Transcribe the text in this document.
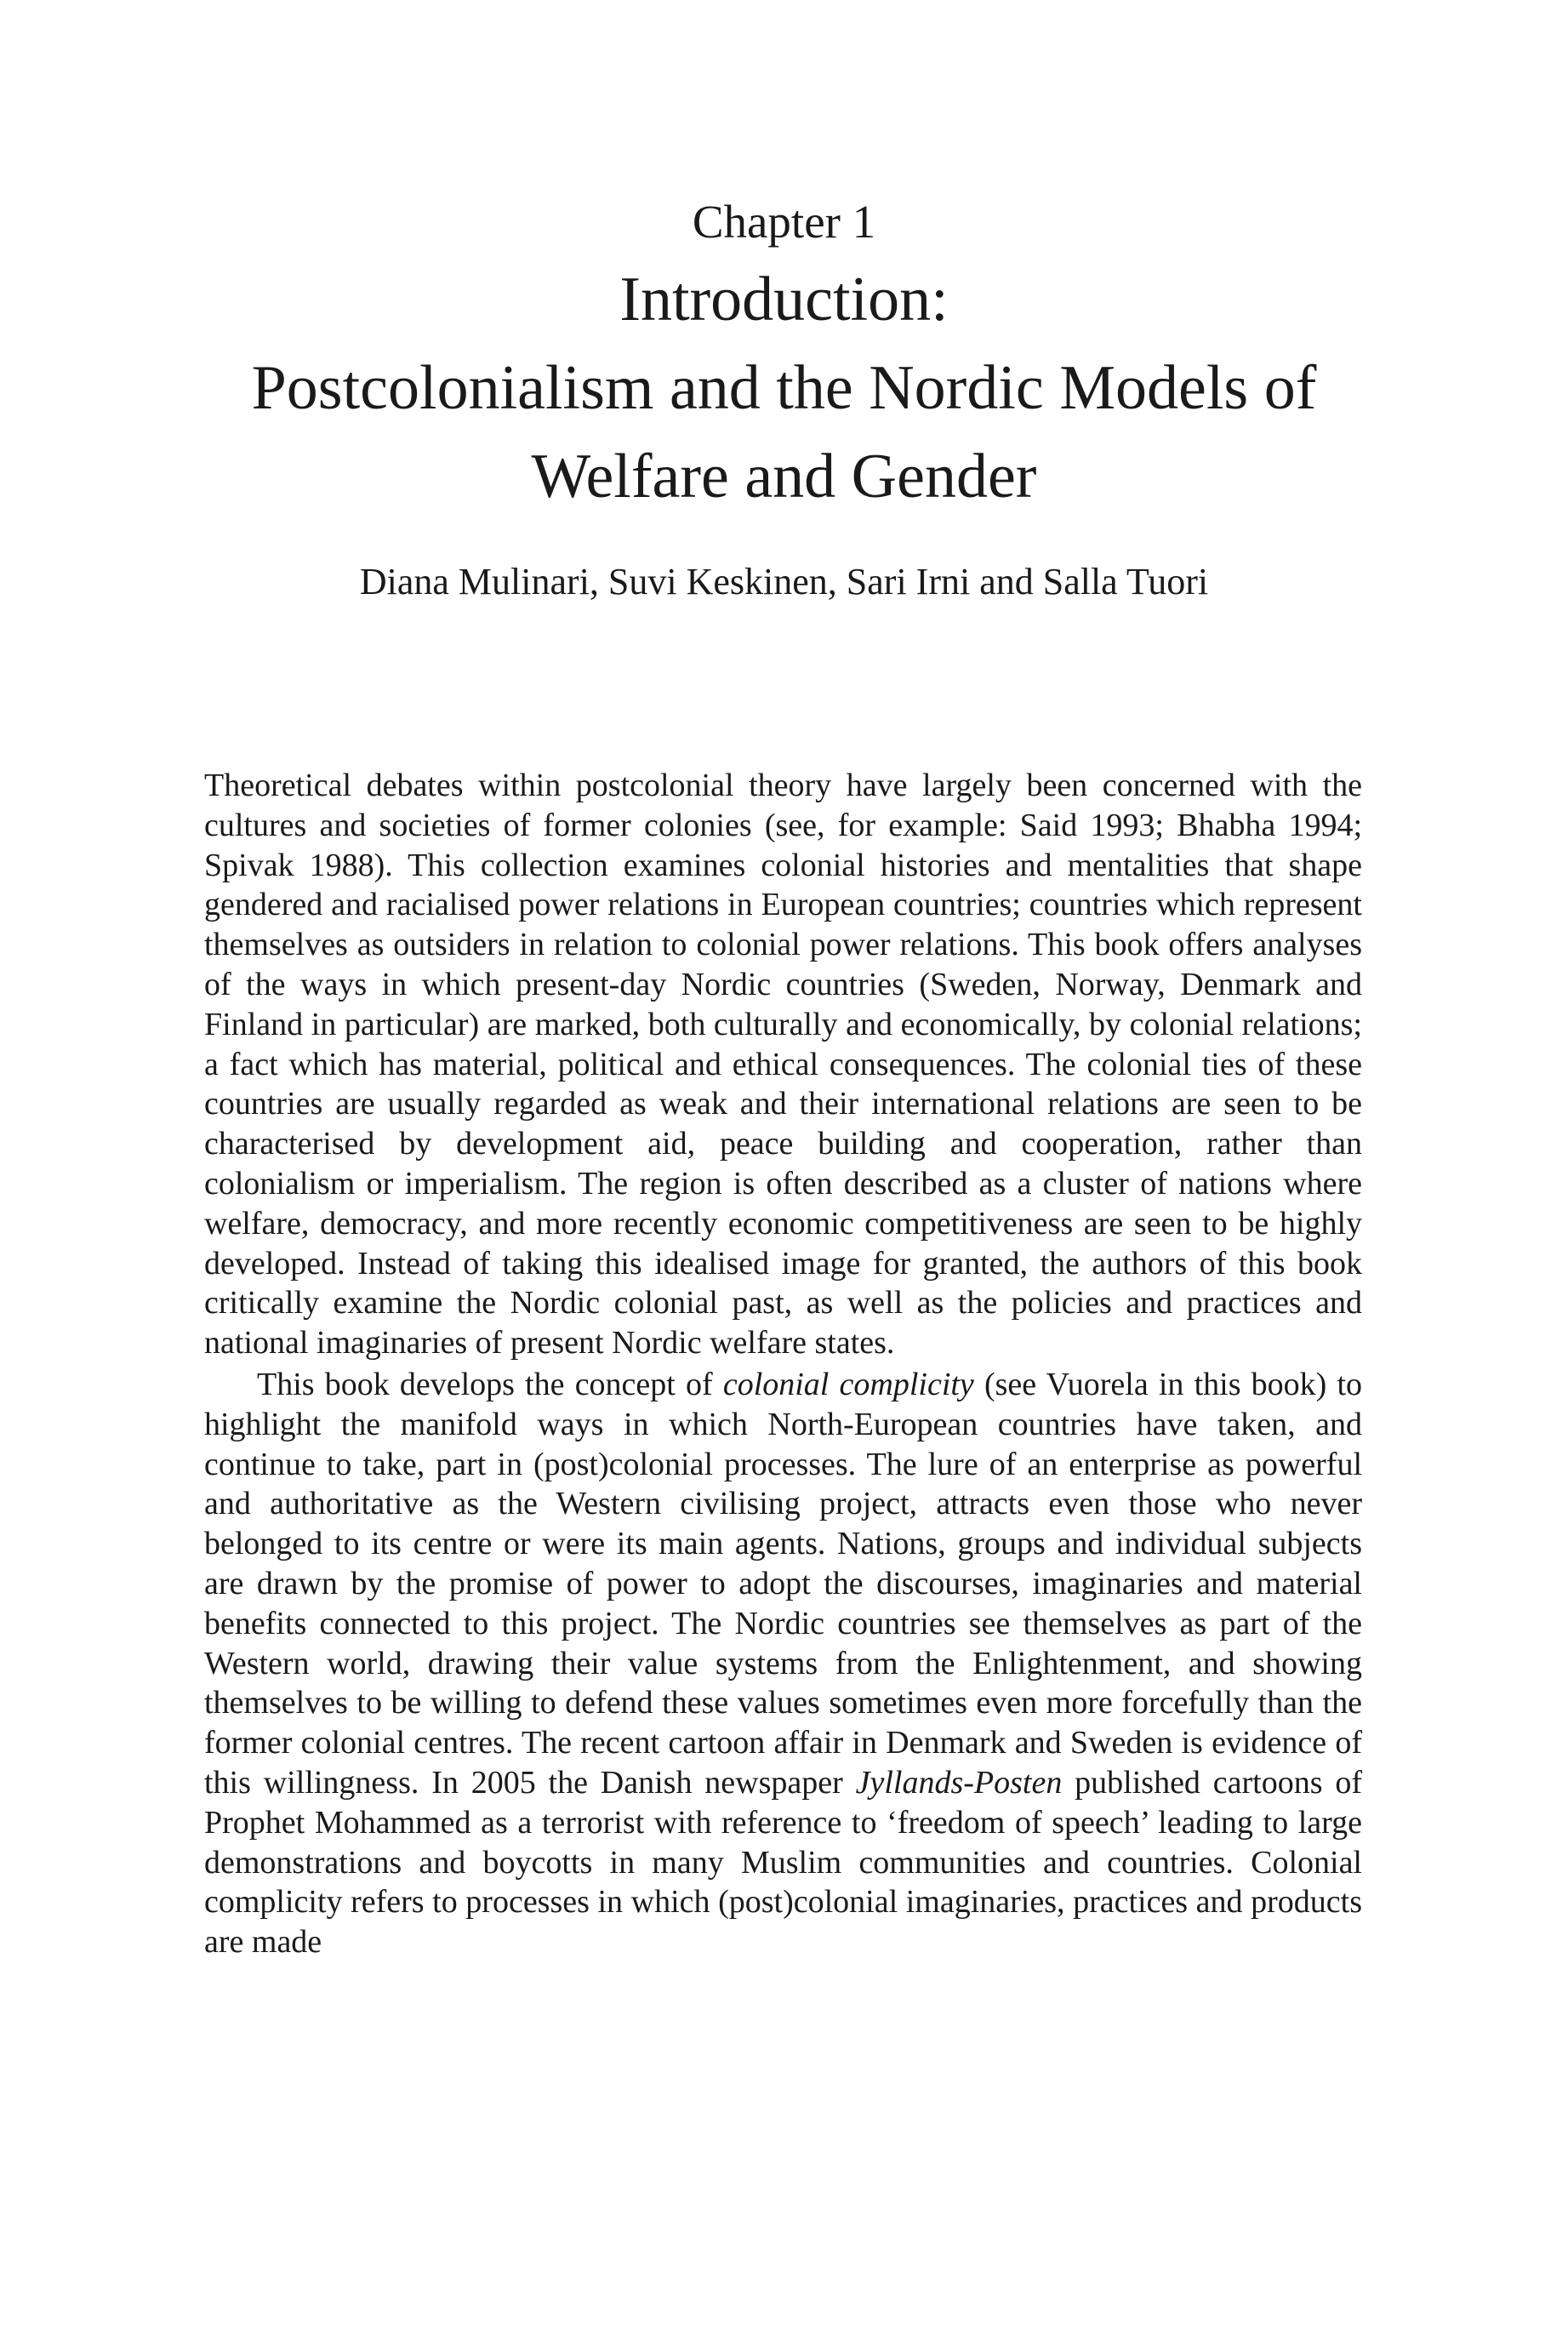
Chapter 1
Introduction:
Postcolonialism and the Nordic Models of
Welfare and Gender
Diana Mulinari, Suvi Keskinen, Sari Irni and Salla Tuori

Theoretical debates within postcolonial theory have largely been concerned with the cultures and societies of former colonies (see, for example: Said 1993; Bhabha 1994; Spivak 1988). This collection examines colonial histories and mentalities that shape gendered and racialised power relations in European countries; countries which represent themselves as outsiders in relation to colonial power relations. This book offers analyses of the ways in which present-day Nordic countries (Sweden, Norway, Denmark and Finland in particular) are marked, both culturally and economically, by colonial relations; a fact which has material, political and ethical consequences. The colonial ties of these countries are usually regarded as weak and their international relations are seen to be characterised by development aid, peace building and cooperation, rather than colonialism or imperialism. The region is often described as a cluster of nations where welfare, democracy, and more recently economic competitiveness are seen to be highly developed. Instead of taking this idealised image for granted, the authors of this book critically examine the Nordic colonial past, as well as the policies and practices and national imaginaries of present Nordic welfare states.

This book develops the concept of colonial complicity (see Vuorela in this book) to highlight the manifold ways in which North-European countries have taken, and continue to take, part in (post)colonial processes. The lure of an enterprise as powerful and authoritative as the Western civilising project, attracts even those who never belonged to its centre or were its main agents. Nations, groups and individual subjects are drawn by the promise of power to adopt the discourses, imaginaries and material benefits connected to this project. The Nordic countries see themselves as part of the Western world, drawing their value systems from the Enlightenment, and showing themselves to be willing to defend these values sometimes even more forcefully than the former colonial centres. The recent cartoon affair in Denmark and Sweden is evidence of this willingness. In 2005 the Danish newspaper Jyllands-Posten published cartoons of Prophet Mohammed as a terrorist with reference to ‘freedom of speech’ leading to large demonstrations and boycotts in many Muslim communities and countries. Colonial complicity refers to processes in which (post)colonial imaginaries, practices and products are made
